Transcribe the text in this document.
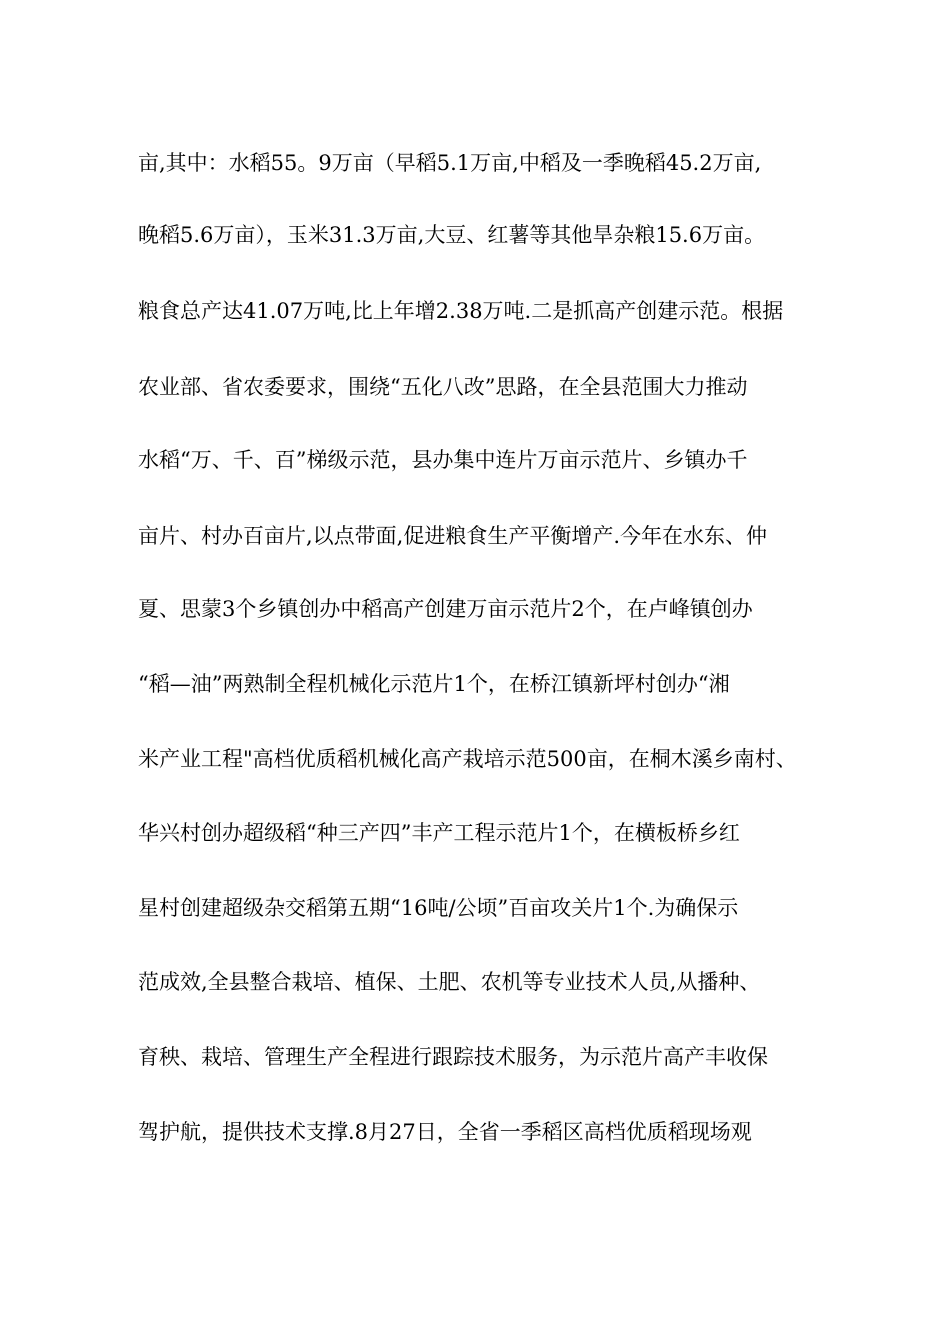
亩,其中：水稻55。9万亩（早稻5.1万亩,中稻及一季晚稻45.2万亩,
晚稻5.6万亩），玉米31.3万亩,大豆、红薯等其他旱杂粮15.6万亩。
粮食总产达41.07万吨,比上年增2.38万吨.二是抓高产创建示范。根据
农业部、省农委要求，围绕“五化八改”思路，在全县范围大力推动
水稻“万、千、百”梯级示范，县办集中连片万亩示范片、乡镇办千
亩片、村办百亩片,以点带面,促进粮食生产平衡增产.今年在水东、仲
夏、思蒙3个乡镇创办中稻高产创建万亩示范片2个，在卢峰镇创办
“稻—油”两熟制全程机械化示范片1个，在桥江镇新坪村创办“湘
米产业工程"高档优质稻机械化高产栽培示范500亩，在桐木溪乡南村、
华兴村创办超级稻“种三产四”丰产工程示范片1个，在横板桥乡红
星村创建超级杂交稻第五期“16吨/公顷”百亩攻关片1个.为确保示
范成效,全县整合栽培、植保、土肥、农机等专业技术人员,从播种、
育秧、栽培、管理生产全程进行跟踪技术服务，为示范片高产丰收保
驾护航，提供技术支撑.8月27日，全省一季稻区高档优质稻现场观
